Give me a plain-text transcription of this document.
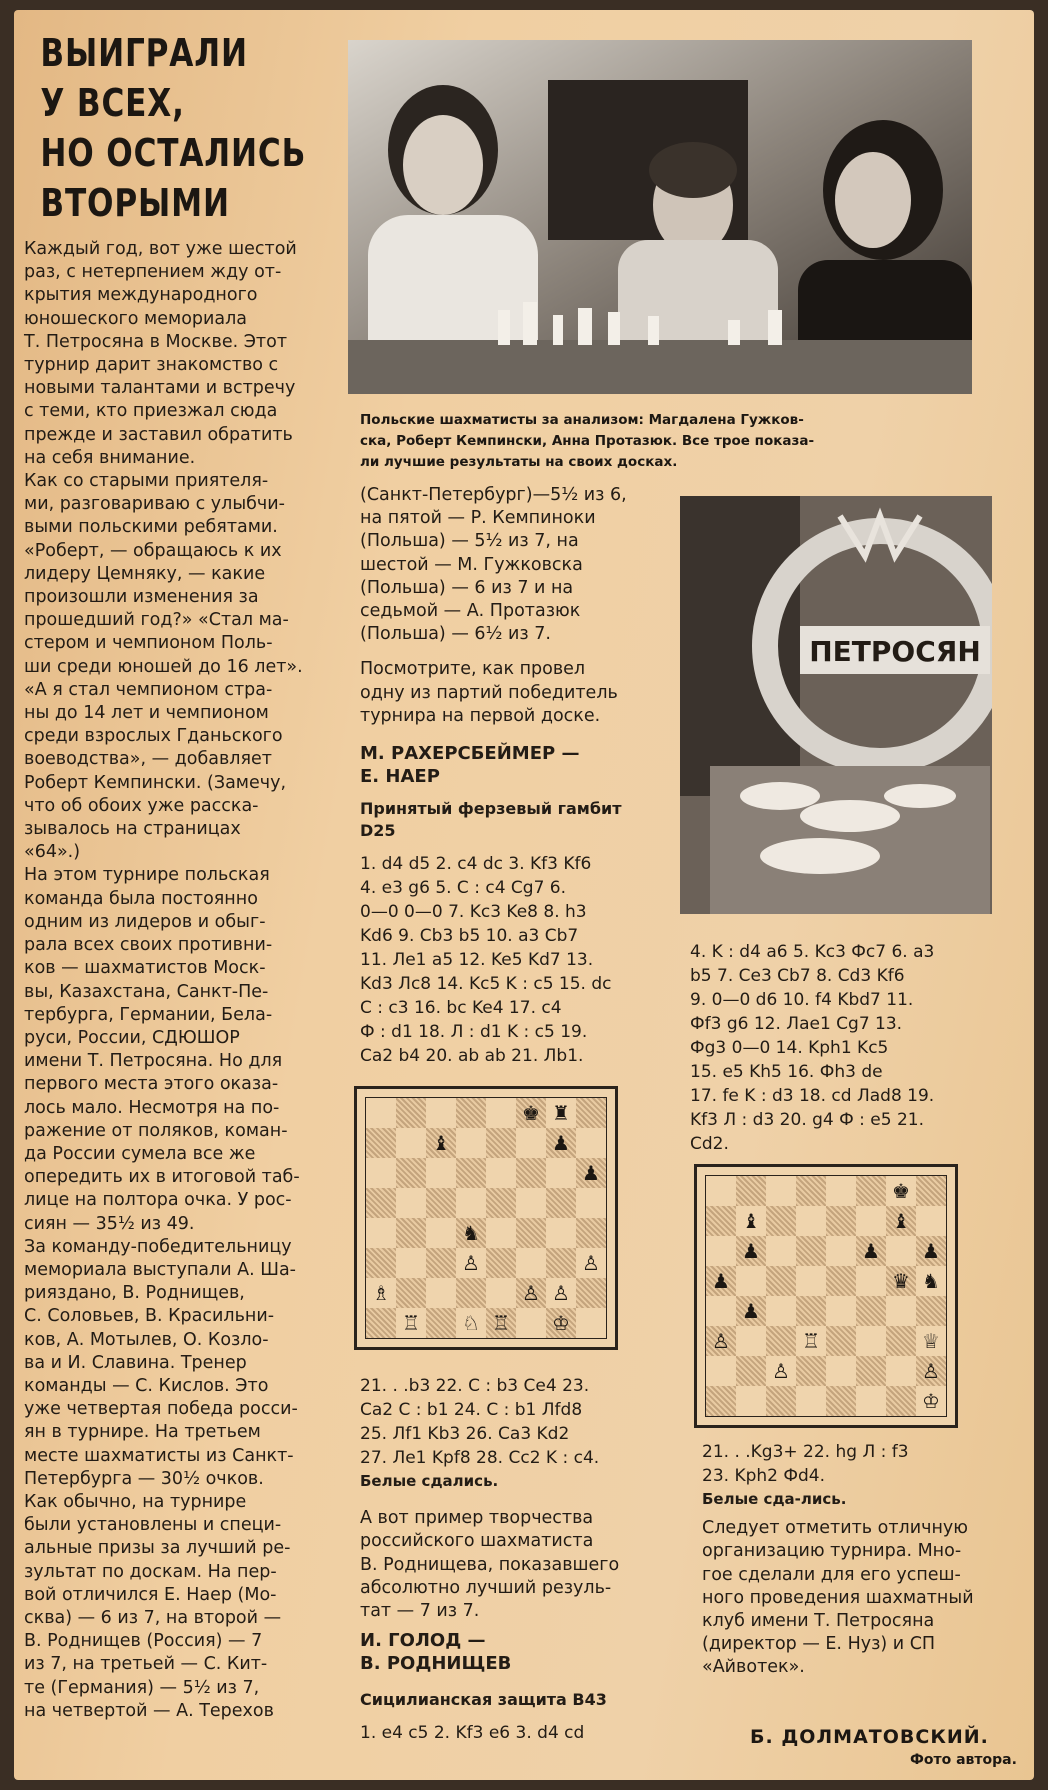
ВЫИГРАЛИ
У ВСЕХ,
НО ОСТАЛИСЬ
ВТОРЫМИ
Каждый год, вот уже шестой
раз, с нетерпением жду от-
крытия международного
юношеского мемориала
Т. Петросяна в Москве. Этот
турнир дарит знакомство с
новыми талантами и встречу
с теми, кто приезжал сюда
прежде и заставил обратить
на себя внимание.
Как со старыми приятеля-
ми, разговариваю с улыбчи-
выми польскими ребятами.
«Роберт, — обращаюсь к их
лидеру Цемняку, — какие
произошли изменения за
прошедший год?» «Стал ма-
стером и чемпионом Поль-
ши среди юношей до 16 лет».
«А я стал чемпионом стра-
ны до 14 лет и чемпионом
среди взрослых Гданьского
воеводства», — добавляет
Роберт Кемпински. (Замечу,
что об обоих уже расска-
зывалось на страницах
«64».)
На этом турнире польская
команда была постоянно
одним из лидеров и обыг-
рала всех своих противни-
ков — шахматистов Моск-
вы, Казахстана, Санкт-Пе-
тербурга, Германии, Бела-
руси, России, СДЮШОР
имени Т. Петросяна. Но для
первого места этого оказа-
лось мало. Несмотря на по-
ражение от поляков, коман-
да России сумела все же
опередить их в итоговой таб-
лице на полтора очка. У рос-
сиян — 35½ из 49.
За команду-победительницу
мемориала выступали А. Ша-
рияздано, В. Роднищев,
С. Соловьев, В. Красильни-
ков, А. Мотылев, О. Козло-
ва и И. Славина. Тренер
команды — С. Кислов. Это
уже четвертая победа росси-
ян в турнире. На третьем
месте шахматисты из Санкт-
Петербурга — 30½ очков.
Как обычно, на турнире
были установлены и специ-
альные призы за лучший ре-
зультат по доскам. На пер-
вой отличился Е. Наер (Мо-
сква) — 6 из 7, на второй —
В. Роднищев (Россия) — 7
из 7, на третьей — С. Кит-
те (Германия) — 5½ из 7,
на четвертой — А. Терехов
Польские шахматисты за анализом: Магдалена Гужков-
ска, Роберт Кемпински, Анна Протазюк. Все трое показа-
ли лучшие результаты на своих досках.
(Санкт-Петербург)—5½ из 6,
на пятой — Р. Кемпиноки
(Польша) — 5½ из 7, на
шестой — М. Гужковска
(Польша) — 6 из 7 и на
седьмой — А. Протазюк
(Польша) — 6½ из 7.
Посмотрите, как провел
одну из партий победитель
турнира на первой доске.
М. РАХЕРСБЕЙМЕР —
Е. НАЕР
Принятый ферзевый гамбит
D25
1. d4 d5 2. c4 dc 3. Kf3 Kf6
4. e3 g6 5. C : c4 Cg7 6.
0—0 0—0 7. Kc3 Ke8 8. h3
Kd6 9. Cb3 b5 10. a3 Cb7
11. Ле1 a5 12. Ke5 Kd7 13.
Kd3 Лc8 14. Kc5 K : c5 15. dc
C : c3 16. bc Ke4 17. c4
Ф : d1 18. Л : d1 K : c5 19.
Ca2 b4 20. ab ab 21. Лb1.
21. . .b3 22. C : b3 Ce4 23.
Ca2 C : b1 24. C : b1 Лfd8
25. Лf1 Kb3 26. Ca3 Kd2
27. Ле1 Kpf8 28. Cc2 K : c4.
Белые сдались.
А вот пример творчества
российского шахматиста
В. Роднищева, показавшего
абсолютно лучший резуль-
тат — 7 из 7.
И. ГОЛОД —
В. РОДНИЩЕВ
Сицилианская защита B43
1. e4 c5 2. Kf3 e6 3. d4 cd
ПЕТРОСЯН
♚ ♜
♝	♟
♟
♞
♙	♙
♗	♙ ♙
♖	♘ ♖	♔
♚
♝	♝
♟	♟	♟
♟	♛ ♞
♟
♙	♖	♕
♙	♙
♔
4. K : d4 a6 5. Kc3 Фc7 6. a3
b5 7. Ce3 Cb7 8. Cd3 Kf6
9. 0—0 d6 10. f4 Kbd7 11.
Фf3 g6 12. Лae1 Cg7 13.
Фg3 0—0 14. Kph1 Kc5
15. e5 Kh5 16. Фh3 de
17. fe K : d3 18. cd Лad8 19.
Kf3 Л : d3 20. g4 Ф : e5 21.
Cd2.
21. . .Kg3+ 22. hg Л : f3
23. Kph2 Фd4.
Белые сда-лись.
Следует отметить отличную
организацию турнира. Мно-
гое сделали для его успеш-
ного проведения шахматный
клуб имени Т. Петросяна
(директор — Е. Нуз) и СП
«Айвотек».
Б. ДОЛМАТОВСКИЙ.
Фото автора.
